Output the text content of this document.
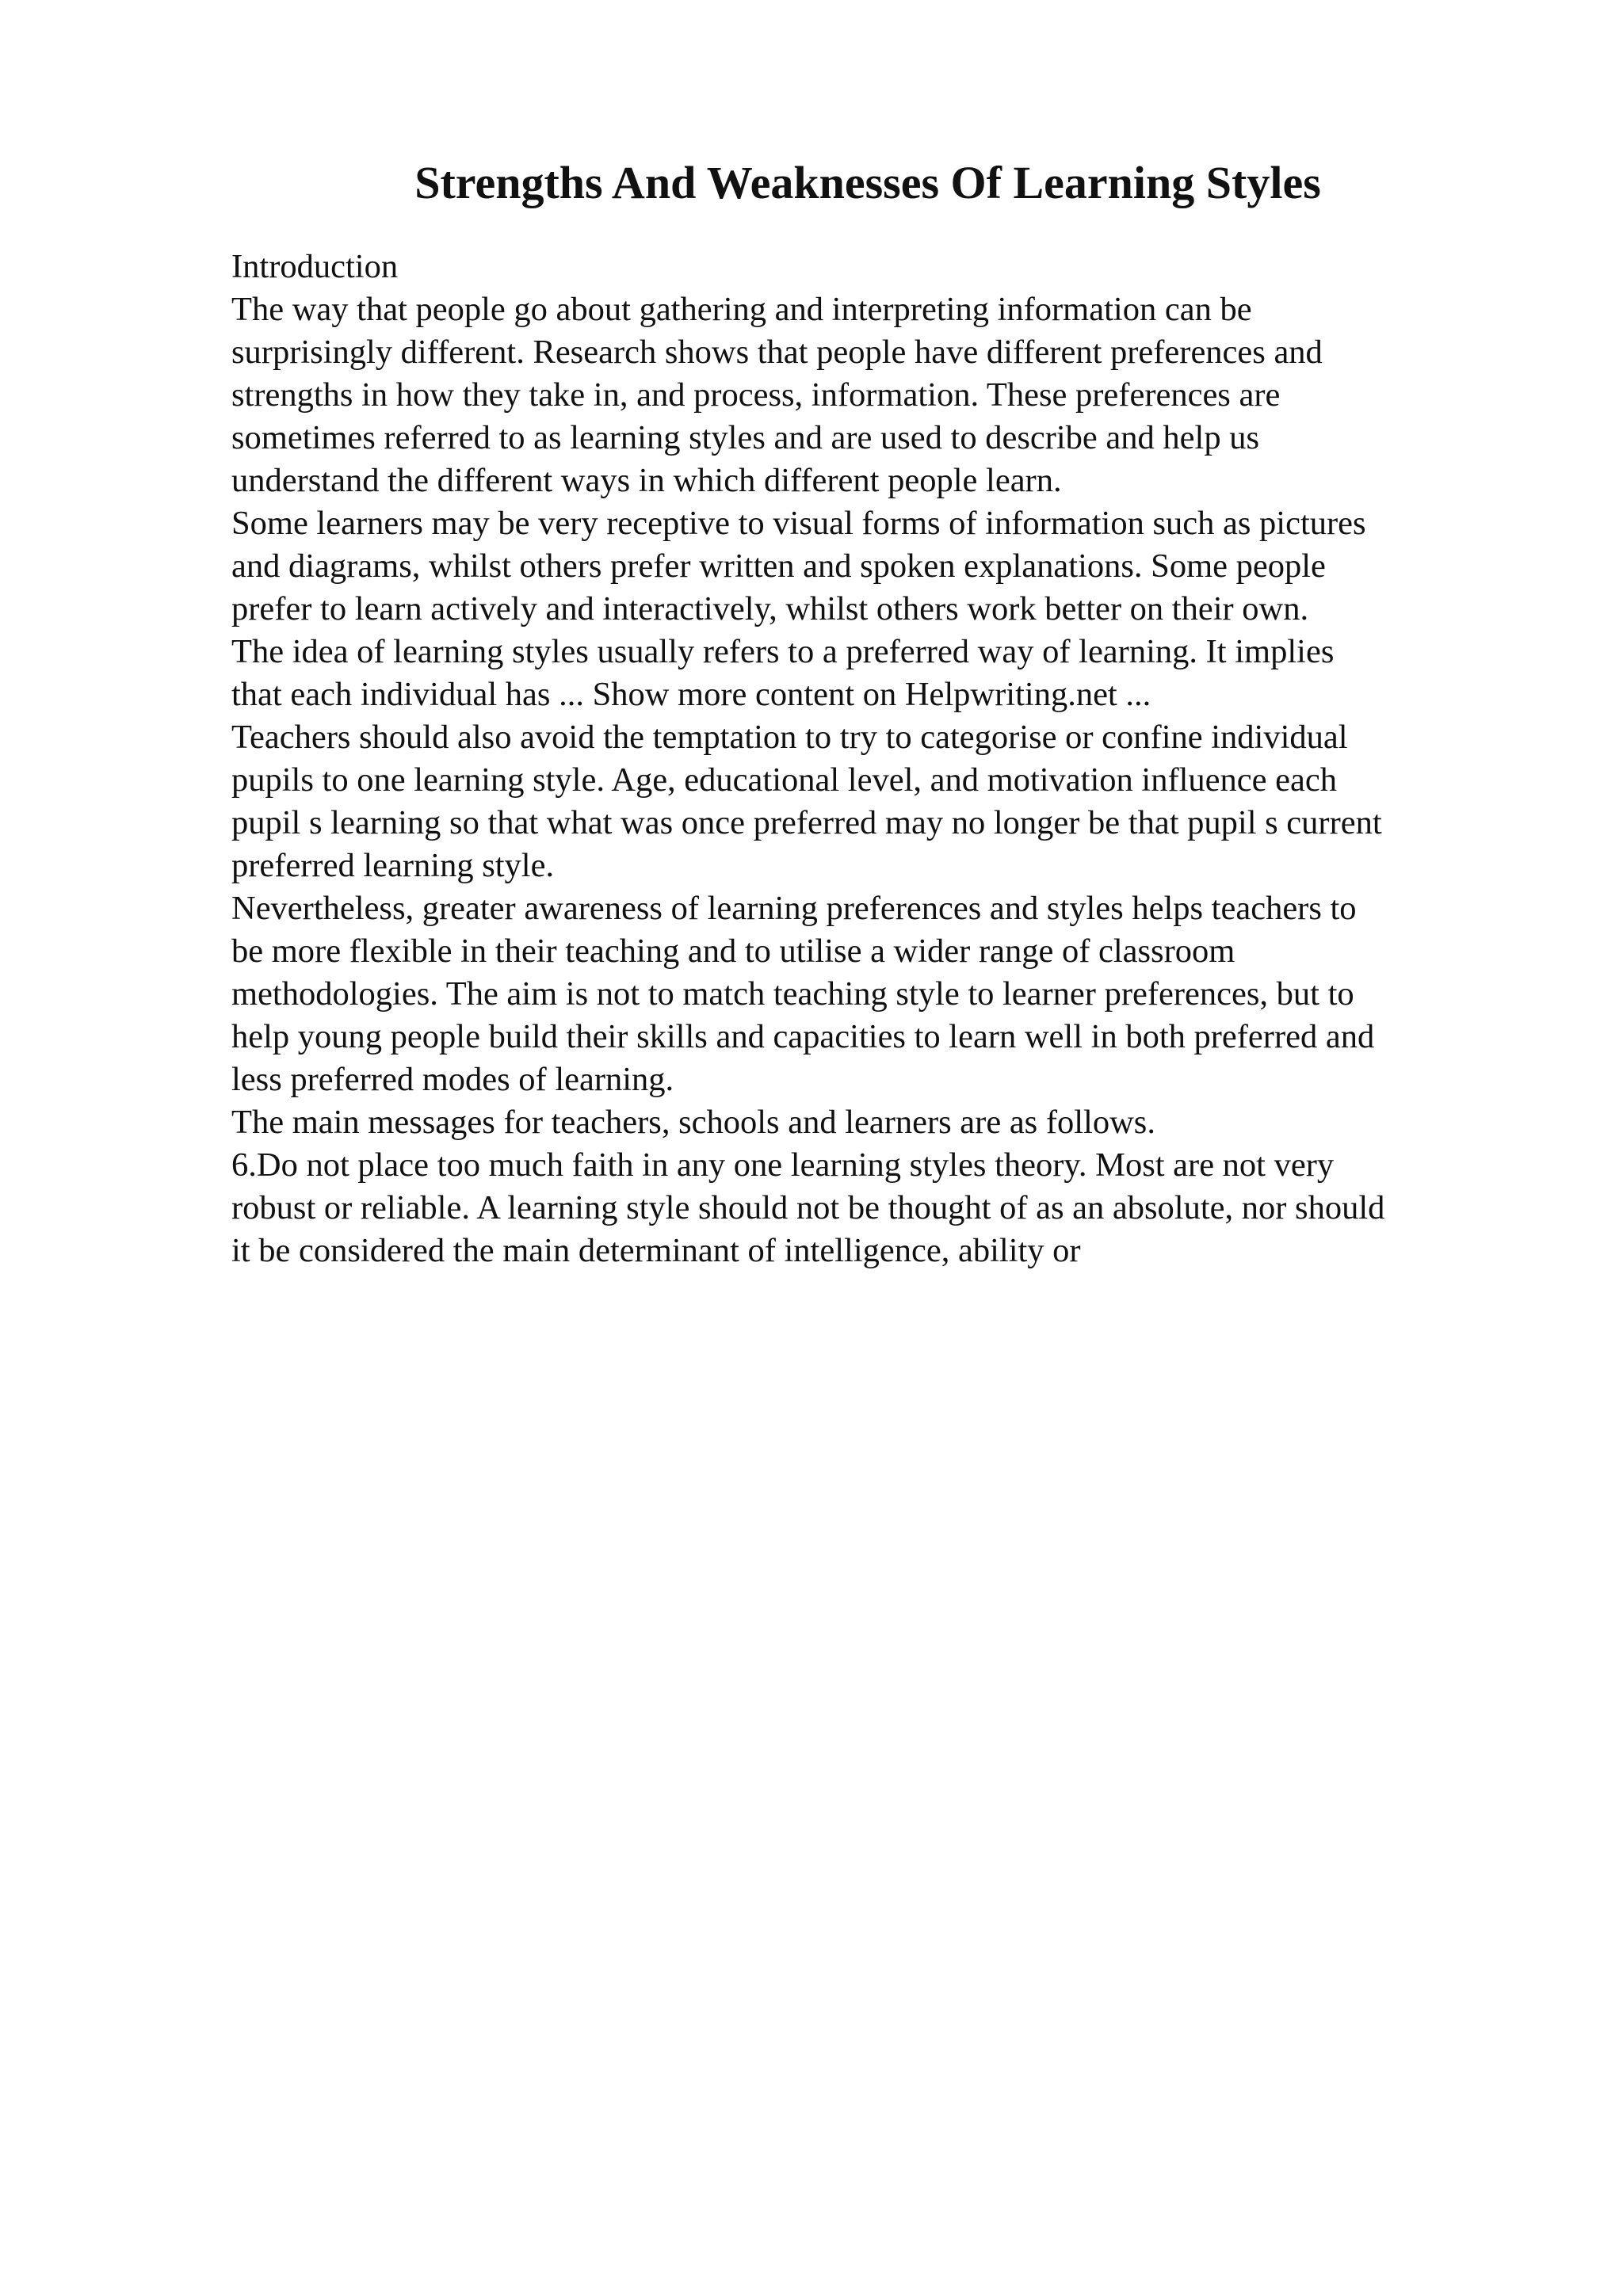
Strengths And Weaknesses Of Learning Styles
Introduction
The way that people go about gathering and interpreting information can be
surprisingly different. Research shows that people have different preferences and
strengths in how they take in, and process, information. These preferences are
sometimes referred to as learning styles and are used to describe and help us
understand the different ways in which different people learn.
Some learners may be very receptive to visual forms of information such as pictures
and diagrams, whilst others prefer written and spoken explanations. Some people
prefer to learn actively and interactively, whilst others work better on their own.
The idea of learning styles usually refers to a preferred way of learning. It implies
that each individual has ... Show more content on Helpwriting.net ...
Teachers should also avoid the temptation to try to categorise or confine individual
pupils to one learning style. Age, educational level, and motivation influence each
pupil s learning so that what was once preferred may no longer be that pupil s current
preferred learning style.
Nevertheless, greater awareness of learning preferences and styles helps teachers to
be more flexible in their teaching and to utilise a wider range of classroom
methodologies. The aim is not to match teaching style to learner preferences, but to
help young people build their skills and capacities to learn well in both preferred and
less preferred modes of learning.
The main messages for teachers, schools and learners are as follows.
6.Do not place too much faith in any one learning styles theory. Most are not very
robust or reliable. A learning style should not be thought of as an absolute, nor should
it be considered the main determinant of intelligence, ability or
